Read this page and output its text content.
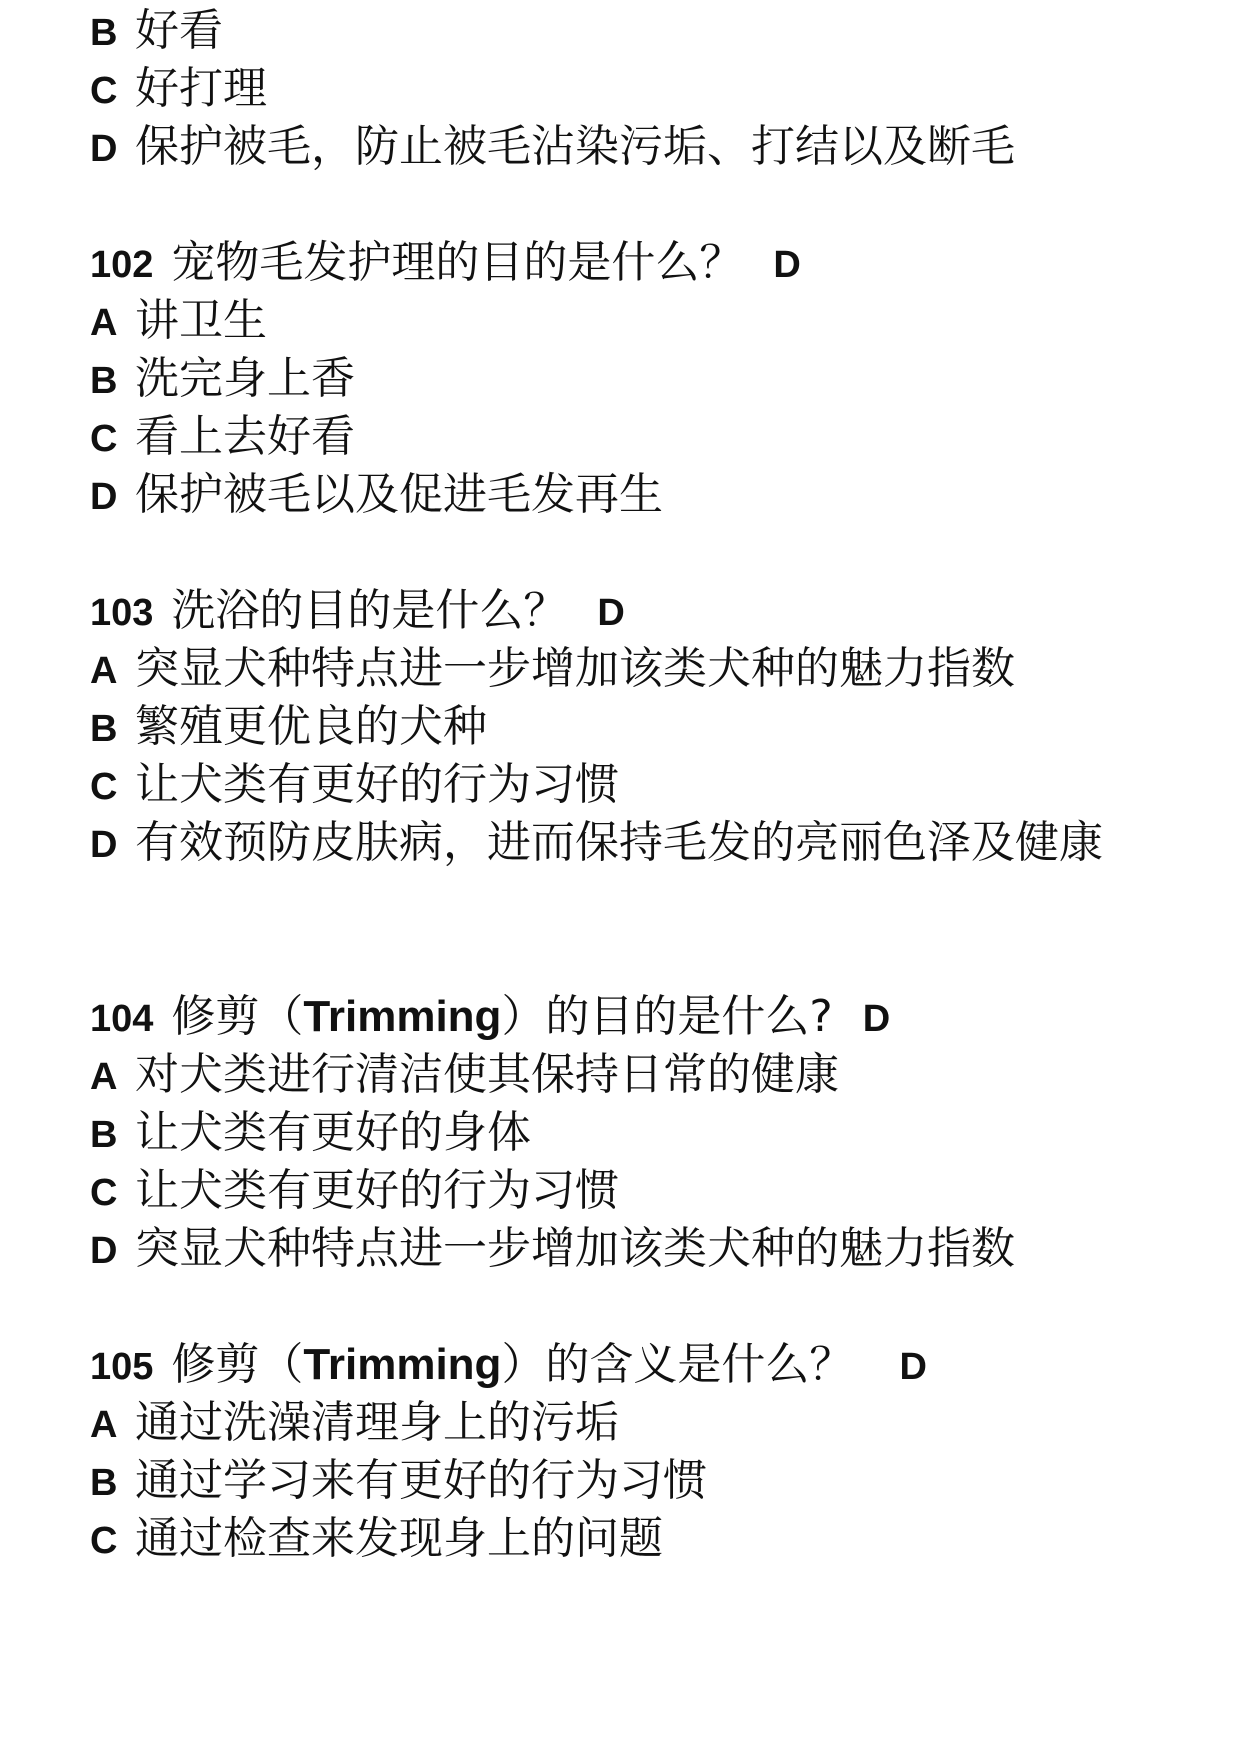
B 好看
C 好打理
D 保护被毛，防止被毛沾染污垢、打结以及断毛
102 宠物毛发护理的目的是什么？ D
A 讲卫生
B 洗完身上香
C 看上去好看
D 保护被毛以及促进毛发再生
103 洗浴的目的是什么？ D
A 突显犬种特点进一步增加该类犬种的魅力指数
B 繁殖更优良的犬种
C 让犬类有更好的行为习惯
D 有效预防皮肤病，进而保持毛发的亮丽色泽及健康
104 修剪（Trimming）的目的是什么? D
A 对犬类进行清洁使其保持日常的健康
B 让犬类有更好的身体
C 让犬类有更好的行为习惯
D 突显犬种特点进一步增加该类犬种的魅力指数
105 修剪（Trimming）的含义是什么？ D
A 通过洗澡清理身上的污垢
B 通过学习来有更好的行为习惯
C 通过检查来发现身上的问题
